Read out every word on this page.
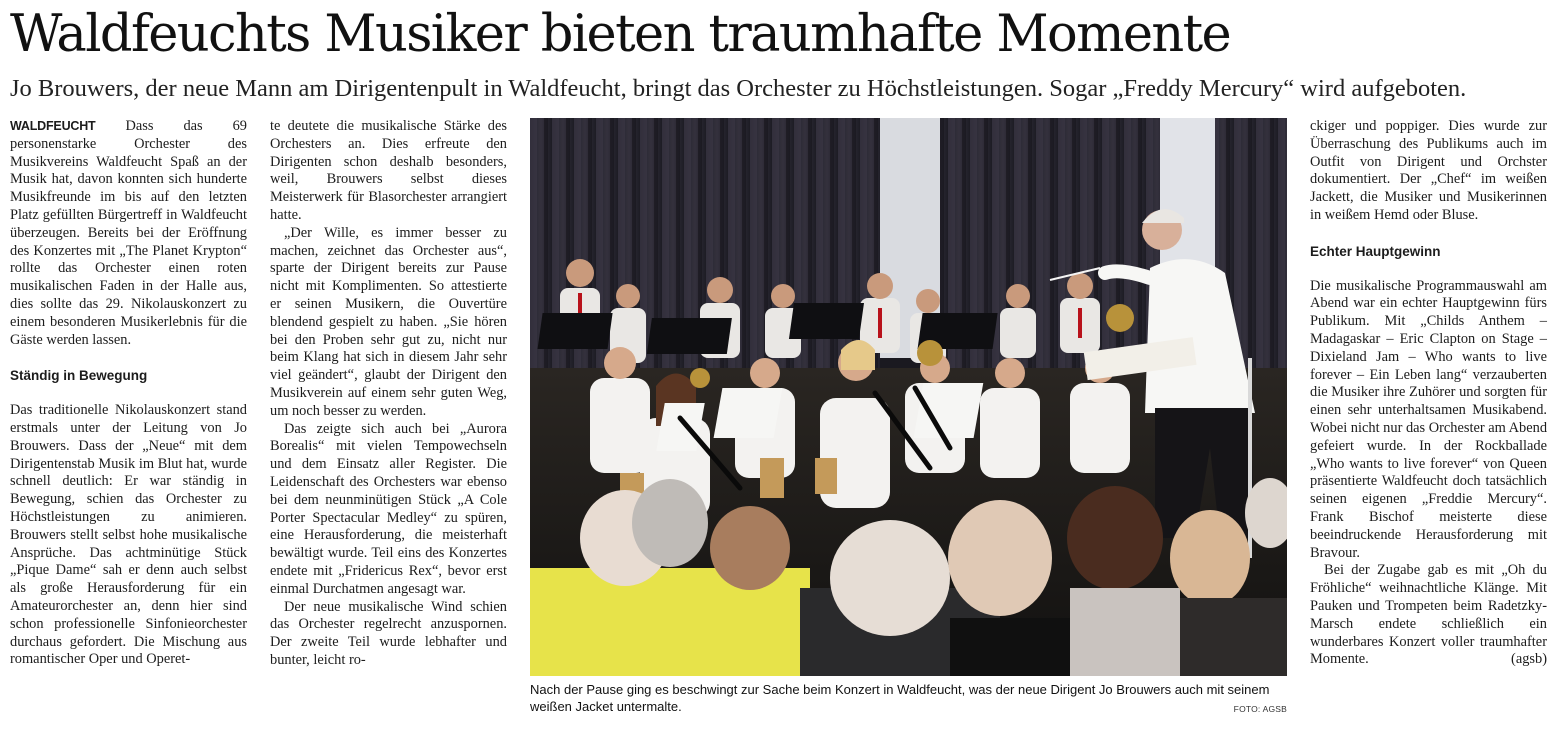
Waldfeuchts Musiker bieten traumhafte Momente

Jo Brouwers, der neue Mann am Dirigentenpult in Waldfeucht, bringt das Orchester zu Höchstleistungen. Sogar „Freddy Mercury“ wird aufgeboten.

WALDFEUCHT Dass das 69 personenstarke Orchester des Musikvereins Waldfeucht Spaß an der Musik hat, davon konnten sich hunderte Musikfreunde im bis auf den letzten Platz gefüllten Bürgertreff in Waldfeucht überzeugen. Bereits bei der Eröffnung des Konzertes mit „The Planet Krypton“ rollte das Orchester einen roten musikalischen Faden in der Halle aus, dies sollte das 29. Nikolauskonzert zu einem besonderen Musikerlebnis für die Gäste werden lassen.

Ständig in Bewegung

Das traditionelle Nikolauskonzert stand erstmals unter der Leitung von Jo Brouwers. Dass der „Neue“ mit dem Dirigentenstab Musik im Blut hat, wurde schnell deutlich: Er war ständig in Bewegung, schien das Orchester zu Höchstleistungen zu animieren. Brouwers stellt selbst hohe musikalische Ansprüche. Das achtminütige Stück „Pique Dame“ sah er denn auch selbst als große Herausforderung für ein Amateurorchester an, denn hier sind schon professionelle Sinfonieorchester durchaus gefordert. Die Mischung aus romantischer Oper und Operet-

te deutete die musikalische Stärke des Orchesters an. Dies erfreute den Dirigenten schon deshalb besonders, weil, Brouwers selbst dieses Meisterwerk für Blasorchester arrangiert hatte.

„Der Wille, es immer besser zu machen, zeichnet das Orchester aus“, sparte der Dirigent bereits zur Pause nicht mit Komplimenten. So attestierte er seinen Musikern, die Ouvertüre blendend gespielt zu haben. „Sie hören bei den Proben sehr gut zu, nicht nur beim Klang hat sich in diesem Jahr sehr viel geändert“, glaubt der Dirigent den Musikverein auf einem sehr guten Weg, um noch besser zu werden.

Das zeigte sich auch bei „Aurora Borealis“ mit vielen Tempowechseln und dem Einsatz aller Register. Die Leidenschaft des Orchesters war ebenso bei dem neunminütigen Stück „A Cole Porter Spectacular Medley“ zu spüren, eine Herausforderung, die meisterhaft bewältigt wurde. Teil eins des Konzertes endete mit „Fridericus Rex“, bevor erst einmal Durchatmen angesagt war.

Der neue musikalische Wind schien das Orchester regelrecht anzuspornen. Der zweite Teil wurde lebhafter und bunter, leicht ro-

Nach der Pause ging es beschwingt zur Sache beim Konzert in Waldfeucht, was der neue Dirigent Jo Brouwers auch mit seinem weißen Jacket untermalte.	FOTO: AGSB

ckiger und poppiger. Dies wurde zur Überraschung des Publikums auch im Outfit von Dirigent und Orchster dokumentiert. Der „Chef“ im weißen Jackett, die Musiker und Musikerinnen in weißem Hemd oder Bluse.

Echter Hauptgewinn

Die musikalische Programmauswahl am Abend war ein echter Hauptgewinn fürs Publikum. Mit „Childs Anthem – Madagaskar – Eric Clapton on Stage – Dixieland Jam – Who wants to live forever – Ein Leben lang“ verzauberten die Musiker ihre Zuhörer und sorgten für einen sehr unterhaltsamen Musikabend. Wobei nicht nur das Orchester am Abend gefeiert wurde. In der Rockballade „Who wants to live forever“ von Queen präsentierte Waldfeucht doch tatsächlich seinen eigenen „Freddie Mercury“. Frank Bischof meisterte diese beeindruckende Herausforderung mit Bravour.

Bei der Zugabe gab es mit „Oh du Fröhliche“ weihnachtliche Klänge. Mit Pauken und Trompeten beim Radetzky-Marsch endete schließlich ein wunderbares Konzert voller traumhafter Momente.	(agsb)
